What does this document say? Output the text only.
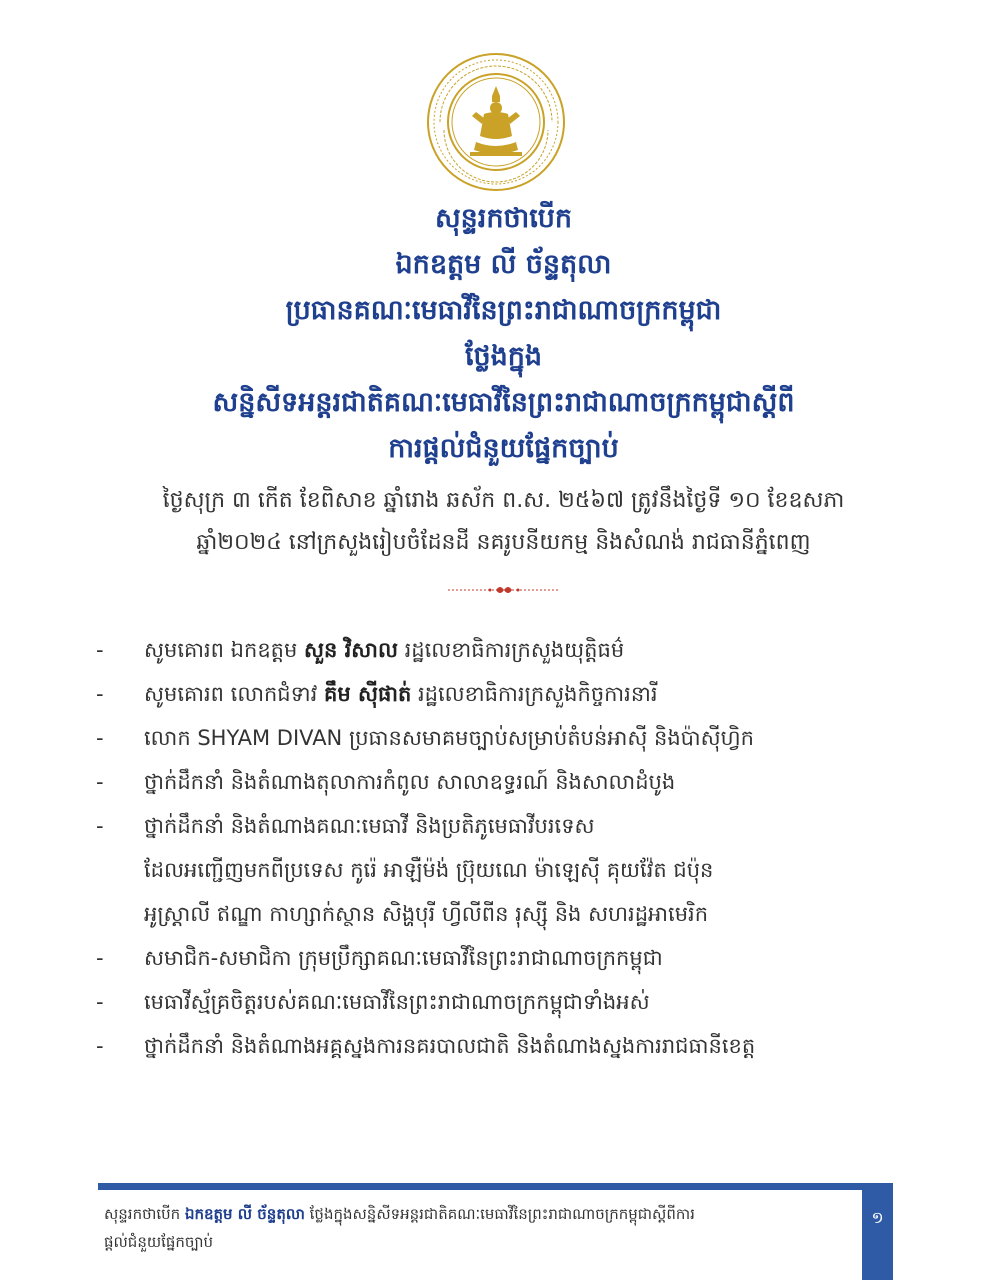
សុន្ទរកថាបើក
ឯកឧត្តម លី ច័ន្ទតុលា
ប្រធានគណៈមេធាវីនៃព្រះរាជាណាចក្រកម្ពុជា
ថ្លែងក្នុង
សន្និសីទអន្តរជាតិគណៈមេធាវីនៃព្រះរាជាណាចក្រកម្ពុជាស្តីពី
ការផ្តល់ជំនួយផ្នែកច្បាប់
ថ្ងៃសុក្រ ៣ កើត ខែពិសាខ ឆ្នាំរោង ឆស័ក ព.ស. ២៥៦៧ ត្រូវនឹងថ្ងៃទី ១០ ខែឧសភា
ឆ្នាំ២០២៤ នៅក្រសួងរៀបចំដែនដី នគរូបនីយកម្ម និងសំណង់ រាជធានីភ្នំពេញ
-	សូមគោរព ឯកឧត្តម សួន វិសាល រដ្ឋលេខាធិការក្រសួងយុត្តិធម៌
-	សូមគោរព លោកជំទាវ គឹម ស៊ីផាត់ រដ្ឋលេខាធិការក្រសួងកិច្ចការនារី
-	លោក SHYAM DIVAN ប្រធានសមាគមច្បាប់សម្រាប់តំបន់អាស៊ី និងប៉ាស៊ីហ្វិក
-	ថ្នាក់ដឹកនាំ និងតំណាងតុលាការកំពូល សាលាឧទ្ធរណ៍ និងសាលាដំបូង
-	ថ្នាក់ដឹកនាំ និងតំណាងគណៈមេធាវី និងប្រតិភូមេធាវីបរទេស
ដែលអញ្ជើញមកពីប្រទេស កូរ៉េ អាឡឺម៉ង់ ប្រ៊ុយណេ ម៉ាឡេស៊ី គុយវ៉ែត ជប៉ុន
អូស្ត្រាលី ឥណ្ឌា កាហ្សាក់ស្ថាន សិង្ហបុរី ហ្វីលីពីន រុស្ស៊ី និង សហរដ្ឋអាមេរិក
-	សមាជិក-សមាជិកា ក្រុមប្រឹក្សាគណៈមេធាវីនៃព្រះរាជាណាចក្រកម្ពុជា
-	មេធាវីស្ម័គ្រចិត្តរបស់គណៈមេធាវីនៃព្រះរាជាណាចក្រកម្ពុជាទាំងអស់
-	ថ្នាក់ដឹកនាំ និងតំណាងអគ្គស្នងការនគរបាលជាតិ និងតំណាងស្នងការរាជធានីខេត្ត
សុន្ទរកថាបើក ឯកឧត្តម លី ច័ន្ទតុលា ថ្លែងក្នុងសន្និសីទអន្តរជាតិគណៈមេធាវីនៃព្រះរាជាណាចក្រកម្ពុជាស្តីពីការ
ផ្តល់ជំនួយផ្នែកច្បាប់
១
